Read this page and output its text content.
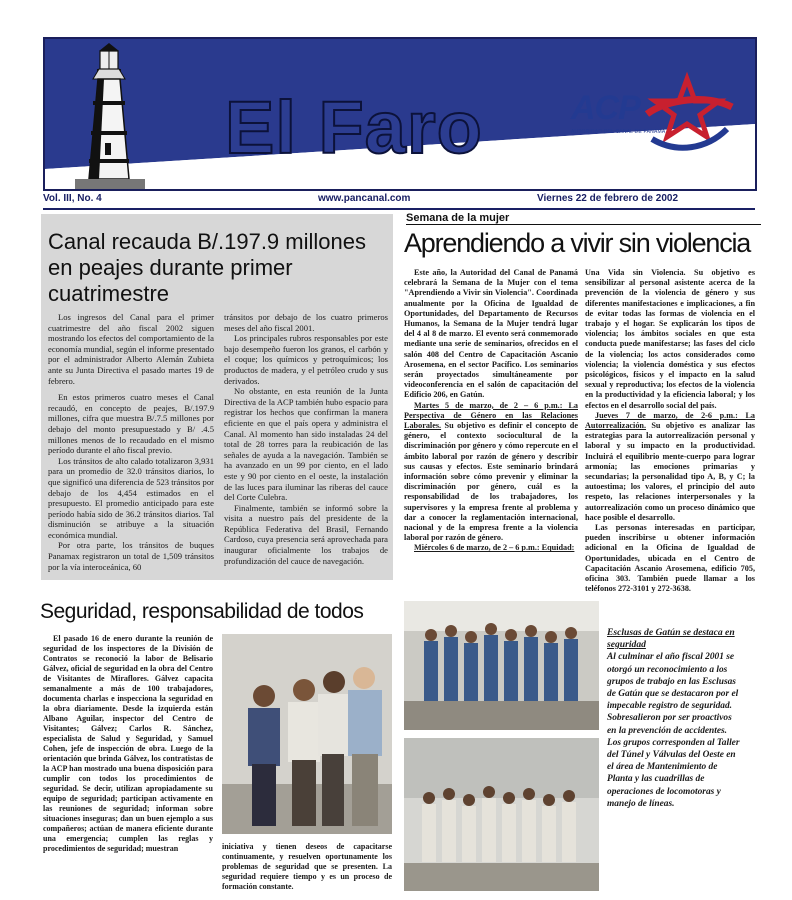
El Faro	ACP
AUTORIDAD DEL CANAL DE PANAMÁ
Vol. III, No. 4	www.pancanal.com	Viernes 22 de febrero de 2002
Canal recauda B/.197.9 millones en peajes durante primer cuatrimestre

Los ingresos del Canal para el primer cuatrimestre del año fiscal 2002 siguen mostrando los efectos del comportamiento de la economía mundial, según el informe presentado por el administrador Alberto Alemán Zubieta ante su Junta Directiva el pasado martes 19 de febrero.

En estos primeros cuatro meses el Canal recaudó, en concepto de peajes, B/.197.9 millones, cifra que muestra B/.7.5 millones por debajo del monto presupuestado y B/ .4.5 millones menos de lo recaudado en el mismo período durante el año fiscal previo.

Los tránsitos de alto calado totalizaron 3,931 para un promedio de 32.0 tránsitos diarios, lo que significó una diferencia de 523 tránsitos por debajo de los 4,454 estimados en el presupuesto. El promedio anticipado para este período había sido de 36.2 tránsitos diarios. Tal disminución se atribuye a la situación económica mundial.

Por otra parte, los tránsitos de buques Panamax registraron un total de 1,509 tránsitos por la vía interoceánica, 60

tránsitos por debajo de los cuatro primeros meses del año fiscal 2001.

Los principales rubros responsables por este bajo desempeño fueron los granos, el carbón y el coque; los químicos y petroquímicos; los productos de madera, y el petróleo crudo y sus derivados.

No obstante, en esta reunión de la Junta Directiva de la ACP también hubo espacio para registrar los hechos que confirman la manera eficiente en que el país opera y administra el Canal. Al momento han sido instaladas 24 del total de 28 torres para la reubicación de las señales de ayuda a la navegación. También se ha avanzado en un 99 por ciento, en el lado este y 90 por ciento en el oeste, la instalación de las luces para iluminar las riberas del cauce del Corte Culebra.

Finalmente, también se informó sobre la visita a nuestro país del presidente de la República Federativa del Brasil, Fernando Cardoso, cuya presencia será aprovechada para inaugurar oficialmente los trabajos de profundización del cauce de navegación.

Semana de la mujer
Aprendiendo a vivir sin violencia

Este año, la Autoridad del Canal de Panamá celebrará la Semana de la Mujer con el tema "Aprendiendo a Vivir sin Violencia". Coordinada anualmente por la Oficina de Igualdad de Oportunidades, del Departamento de Recursos Humanos, la Semana de la Mujer tendrá lugar del 4 al 8 de marzo. El evento será conmemorado mediante una serie de seminarios, ofrecidos en el salón 408 del Centro de Capacitación Ascanio Arosemena, en el sector Pacífico. Los seminarios serán proyectados simultáneamente por videoconferencia en el salón de capacitación del Edificio 206, en Gatún.

Martes 5 de marzo, de 2 – 6 p.m.: La Perspectiva de Género en las Relaciones Laborales. Su objetivo es definir el concepto de género, el contexto sociocultural de la discriminación por género y cómo repercute en el ámbito laboral por razón de género y describir sus causas y efectos. Este seminario brindará información sobre cómo prevenir y eliminar la discriminación por género, cuál es la responsabilidad de los trabajadores, los supervisores y la empresa frente al problema y dar a conocer la reglamentación internacional, nacional y de la empresa frente a la violencia laboral por razón de género.

Miércoles 6 de marzo, de 2 – 6 p.m.: Equidad:

Una Vida sin Violencia. Su objetivo es sensibilizar al personal asistente acerca de la prevención de la violencia de género y sus diferentes manifestaciones e implicaciones, a fin de evitar todas las formas de violencia en el trabajo y el hogar. Se explicarán los tipos de violencia; los ámbitos sociales en que esta conducta puede manifestarse; las fases del ciclo de la violencia; los actos considerados como violencia; la violencia doméstica y sus efectos psicológicos, físicos y el impacto en la salud sexual y reproductiva; los efectos de la violencia en la productividad y la eficiencia laboral; y los efectos en el desarrollo social del país.

Jueves 7 de marzo, de 2-6 p.m.: La Autorrealización. Su objetivo es analizar las estrategias para la autorrealización personal y laboral y su impacto en la productividad. Incluirá el equilibrio mente-cuerpo para lograr armonía; las emociones primarias y secundarias; la personalidad tipo A, B, y C; la autoestima; los valores, el principio del auto respeto, las relaciones interpersonales y la autorrealización como un proceso dinámico que hace posible el desarrollo.

Las personas interesadas en participar, pueden inscribirse u obtener información adicional en la Oficina de Igualdad de Oportunidades, ubicada en el Centro de Capacitación Ascanio Arosemena, edificio 705, oficina 303. También puede llamar a los teléfonos 272-3101 y 272-3638.

Seguridad, responsabilidad de todos

El pasado 16 de enero durante la reunión de seguridad de los inspectores de la División de Contratos se reconoció la labor de Belisario Gálvez, oficial de seguridad en la obra del Centro de Visitantes de Miraflores. Gálvez capacita semanalmente a más de 100 trabajadores, documenta charlas e inspecciona la seguridad en la obra diariamente. Desde la izquierda están Albano Aguilar, inspector del Centro de Visitantes; Gálvez; Carlos R. Sánchez, especialista de Salud y Seguridad, y Samuel Cohen, jefe de inspección de obra. Luego de la orientación que brinda Gálvez, los contratistas de la ACP han mostrado una buena disposición para cumplir con todos los procedimientos de seguridad. Se decir, utilizan apropiadamente su equipo de seguridad; participan activamente en las reuniones de seguridad; informan sobre situaciones inseguras; dan un buen ejemplo a sus compañeros; actúan de manera eficiente durante una emergencia; cumplen las reglas y procedimientos de seguridad; muestran	iniciativa y tienen deseos de capacitarse continuamente, y resuelven oportunamente los problemas de seguridad que se presenten. La seguridad requiere tiempo y es un proceso de formación constante.

Esclusas de Gatún se destaca en seguridad
Al culminar el año fiscal 2001 se otorgó un reconocimiento a los grupos de trabajo en las Esclusas de Gatún que se destacaron por el impecable registro de seguridad. Sobresalieron por ser proactivos en la prevención de accidentes. Los grupos corresponden al Taller del Túnel y Válvulas del Oeste en el área de Mantenimiento de Planta y las cuadrillas de operaciones de locomotoras y manejo de líneas.
